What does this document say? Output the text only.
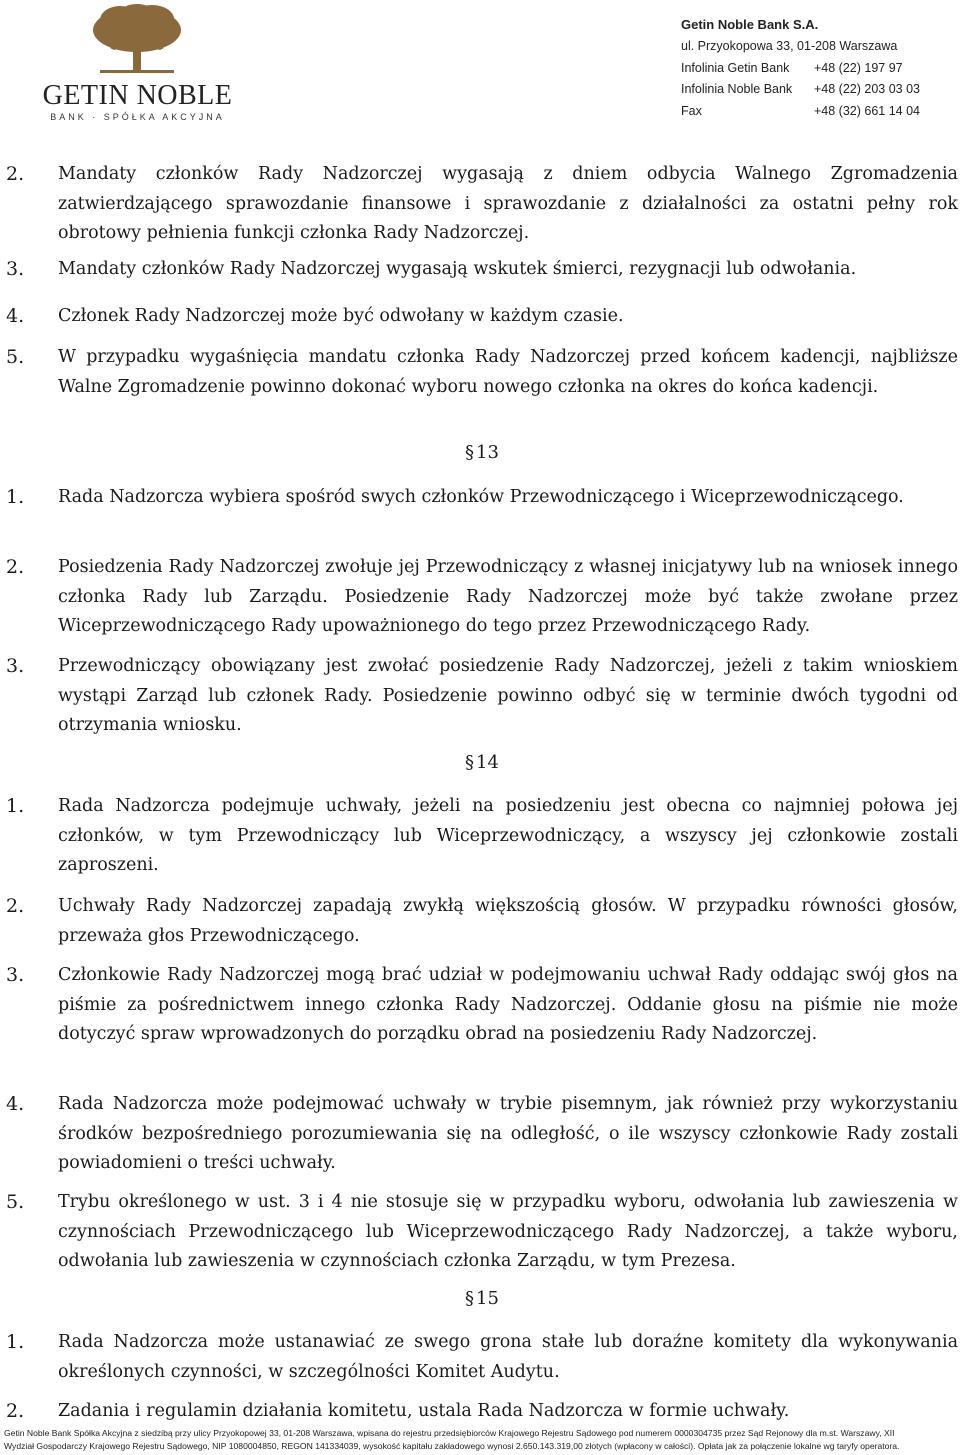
GETIN NOBLE
BANK · SPÓŁKA AKCYJNA
Getin Noble Bank S.A.
ul. Przyokopowa 33, 01-208 Warszawa
Infolinia Getin Bank	+48 (22) 197 97
Infolinia Noble Bank	+48 (22) 203 03 03
Fax	+48 (32) 661 14 04
2. Mandaty członków Rady Nadzorczej wygasają z dniem odbycia Walnego Zgromadzenia zatwierdzającego sprawozdanie finansowe i sprawozdanie z działalności za ostatni pełny rok obrotowy pełnienia funkcji członka Rady Nadzorczej.
3. Mandaty członków Rady Nadzorczej wygasają wskutek śmierci, rezygnacji lub odwołania.
4. Członek Rady Nadzorczej może być odwołany w każdym czasie.
5. W przypadku wygaśnięcia mandatu członka Rady Nadzorczej przed końcem kadencji, najbliższe Walne Zgromadzenie powinno dokonać wyboru nowego członka na okres do końca kadencji.
§ 13
1. Rada Nadzorcza wybiera spośród swych członków Przewodniczącego i Wiceprzewodniczącego.
2. Posiedzenia Rady Nadzorczej zwołuje jej Przewodniczący z własnej inicjatywy lub na wniosek innego członka Rady lub Zarządu. Posiedzenie Rady Nadzorczej może być także zwołane przez Wiceprzewodniczącego Rady upoważnionego do tego przez Przewodniczącego Rady.
3. Przewodniczący obowiązany jest zwołać posiedzenie Rady Nadzorczej, jeżeli z takim wnioskiem wystąpi Zarząd lub członek Rady. Posiedzenie powinno odbyć się w terminie dwóch tygodni od otrzymania wniosku.
§ 14
1. Rada Nadzorcza podejmuje uchwały, jeżeli na posiedzeniu jest obecna co najmniej połowa jej członków, w tym Przewodniczący lub Wiceprzewodniczący, a wszyscy jej członkowie zostali zaproszeni.
2. Uchwały Rady Nadzorczej zapadają zwykłą większością głosów. W przypadku równości głosów, przeważa głos Przewodniczącego.
3. Członkowie Rady Nadzorczej mogą brać udział w podejmowaniu uchwał Rady oddając swój głos na piśmie za pośrednictwem innego członka Rady Nadzorczej. Oddanie głosu na piśmie nie może dotyczyć spraw wprowadzonych do porządku obrad na posiedzeniu Rady Nadzorczej.
4. Rada Nadzorcza może podejmować uchwały w trybie pisemnym, jak również przy wykorzystaniu środków bezpośredniego porozumiewania się na odległość, o ile wszyscy członkowie Rady zostali powiadomieni o treści uchwały.
5. Trybu określonego w ust. 3 i 4 nie stosuje się w przypadku wyboru, odwołania lub zawieszenia w czynnościach Przewodniczącego lub Wiceprzewodniczącego Rady Nadzorczej, a także wyboru, odwołania lub zawieszenia w czynnościach członka Zarządu, w tym Prezesa.
§ 15
1. Rada Nadzorcza może ustanawiać ze swego grona stałe lub doraźne komitety dla wykonywania określonych czynności, w szczególności Komitet Audytu.
2. Zadania i regulamin działania komitetu, ustala Rada Nadzorcza w formie uchwały.
Getin Noble Bank Spółka Akcyjna z siedzibą przy ulicy Przyokopowej 33, 01-208 Warszawa, wpisana do rejestru przedsiębiorców Krajowego Rejestru Sądowego pod numerem 0000304735 przez Sąd Rejonowy dla m.st. Warszawy, XII
Wydział Gospodarczy Krajowego Rejestru Sądowego, NIP 1080004850, REGON 141334039, wysokość kapitału zakładowego wynosi 2.650.143.319,00 złotych (wpłacony w całości). Opłata jak za połączenie lokalne wg taryfy operatora.
